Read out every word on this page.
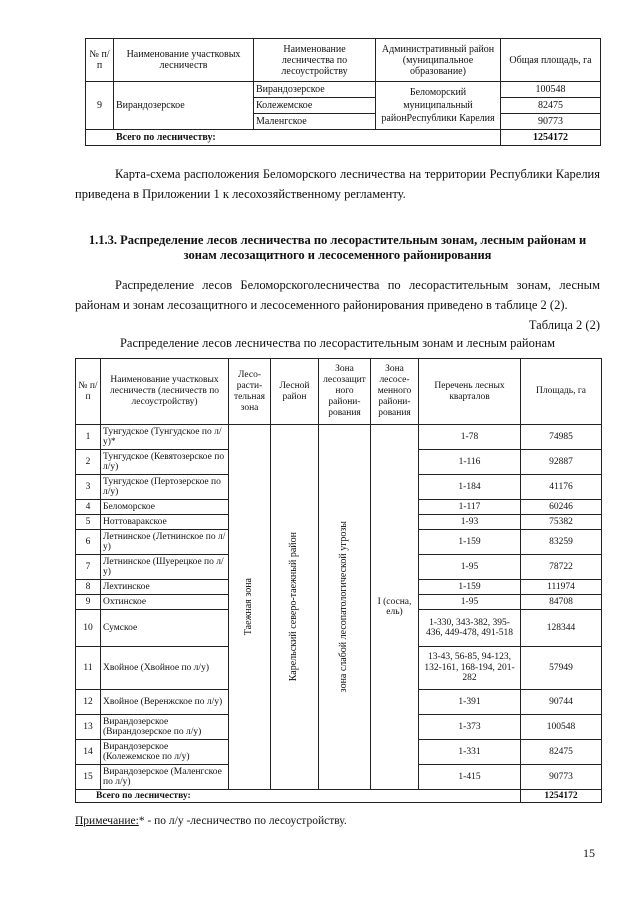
№ п/п	Наименование участковых лесничеств	Наименование лесничества по лесоустройству	Административный район (муниципальное образование)	Общая площадь, га
9	Вирандозерское	Вирандозерское	Беломорский муниципальный районРеспублики Карелия	100548
		Колежемское		82475
		Маленгское		90773
Всего по лесничеству:				1254172
Карта-схема расположения Беломорского лесничества на территории Республики Карелия приведена в Приложении 1 к лесохозяйственному регламенту.
1.1.3. Распределение лесов лесничества по лесорастительным зонам, лесным районам и зонам лесозащитного и лесосеменного районирования
Распределение лесов Беломорскоголесничества по лесорастительным зонам, лесным районам и зонам лесозащитного и лесосеменного районирования приведено в таблице 2 (2).
Таблица 2 (2)
Распределение лесов лесничества по лесорастительным зонам и лесным районам
№ п/п	Наименование участковых лесничеств (лесничеств по лесоустройству)	Лесо-расти-тельная зона	Лесной район	Зона лесозащит ного райони-рования	Зона лесосе-менного райони-рования	Перечень лесных кварталов	Площадь, га
1	Тунгудское (Тунгудское по л/у)*	Таежная зона	Карельский северо-таежный район	зона слабой лесопатологической угрозы	I (сосна, ель)	1-78	74985
2	Тунгудское (Кевятозерское по л/у)					1-116	92887
3	Тунгудское (Пертозерское по л/у)					1-184	41176
4	Беломорское					1-117	60246
5	Ноттоваракское					1-93	75382
6	Летнинское (Летнинское по л/у)					1-159	83259
7	Летнинское (Шуерецкое по л/у)					1-95	78722
8	Лехтинское					1-159	111974
9	Охтинское					1-95	84708
10	Сумское					1-330, 343-382, 395-436, 449-478, 491-518	128344
11	Хвойное (Хвойное по л/у)					13-43, 56-85, 94-123, 132-161, 168-194, 201-282	57949
12	Хвойное (Веренжское по л/у)					1-391	90744
13	Вирандозерское (Вирандозерское по л/у)					1-373	100548
14	Вирандозерское (Колежемское по л/у)					1-331	82475
15	Вирандозерское (Маленгское по л/у)					1-415	90773
Всего по лесничеству:							1254172
Примечание:* - по л/у -лесничество по лесоустройству.
15
